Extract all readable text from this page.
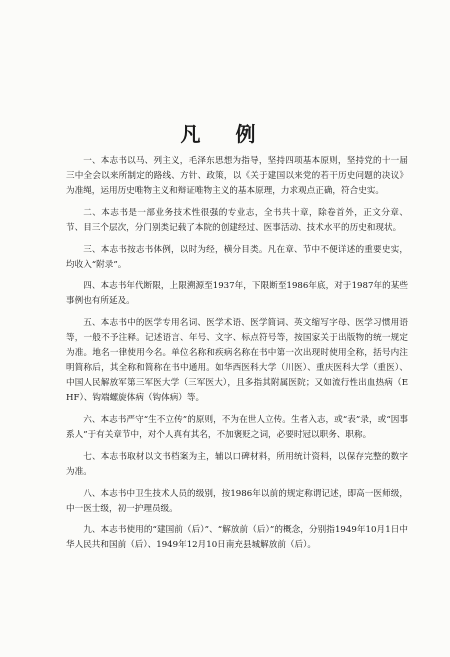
凡 例

一、本志书以马、列主义，毛泽东思想为指导，坚持四项基本原则，坚持党的十一届三中全会以来所制定的路线、方针、政策，以《关于建国以来党的若干历史问题的决议》为准绳，运用历史唯物主义和辩证唯物主义的基本原理，力求观点正确，符合史实。

二、本志书是一部业务技术性很强的专业志，全书共十章，除卷首外，正文分章、节、目三个层次，分门别类记载了本院的创建经过、医事活动、技术水平的历史和现状。

三、本志书按志书体例，以时为经，横分目类。凡在章、节中不便详述的重要史实，均收入“附录”。

四、本志书年代断限，上限溯源至1937年，下限断至1986年底，对于1987年的某些事例也有所延及。

五、本志书中的医学专用名词、医学术语、医学简词、英文缩写字母、医学习惯用语等，一般不予注释。记述语言、年号、文字、标点符号等，按国家关于出版物的统一规定为准。地名一律使用今名。单位名称和疾病名称在书中第一次出现时使用全称，括号内注明简称后，其全称和简称在书中通用。如华西医科大学（川医）、重庆医科大学（重医）、中国人民解放军第三军医大学（三军医大），且多指其附属医院；又如流行性出血热病（EHF）、钩端螺旋体病（钩体病）等。

六、本志书严守“生不立传”的原则，不为在世人立传。生者入志，或“表”录，或“因事系人”于有关章节中，对个人真有其名，不加褒贬之词，必要时冠以职务、职称。

七、本志书取材以文书档案为主，辅以口碑材料，所用统计资料，以保存完整的数字为准。

八、本志书中卫生技术人员的级别，按1986年以前的规定称谓记述，即高一医师级，中一医士级，初一护理员级。

九、本志书使用的“建国前（后）”、“解放前（后）”的概念，分别指1949年10月1日中华人民共和国前（后）、1949年12月10日南充县城解放前（后）。
